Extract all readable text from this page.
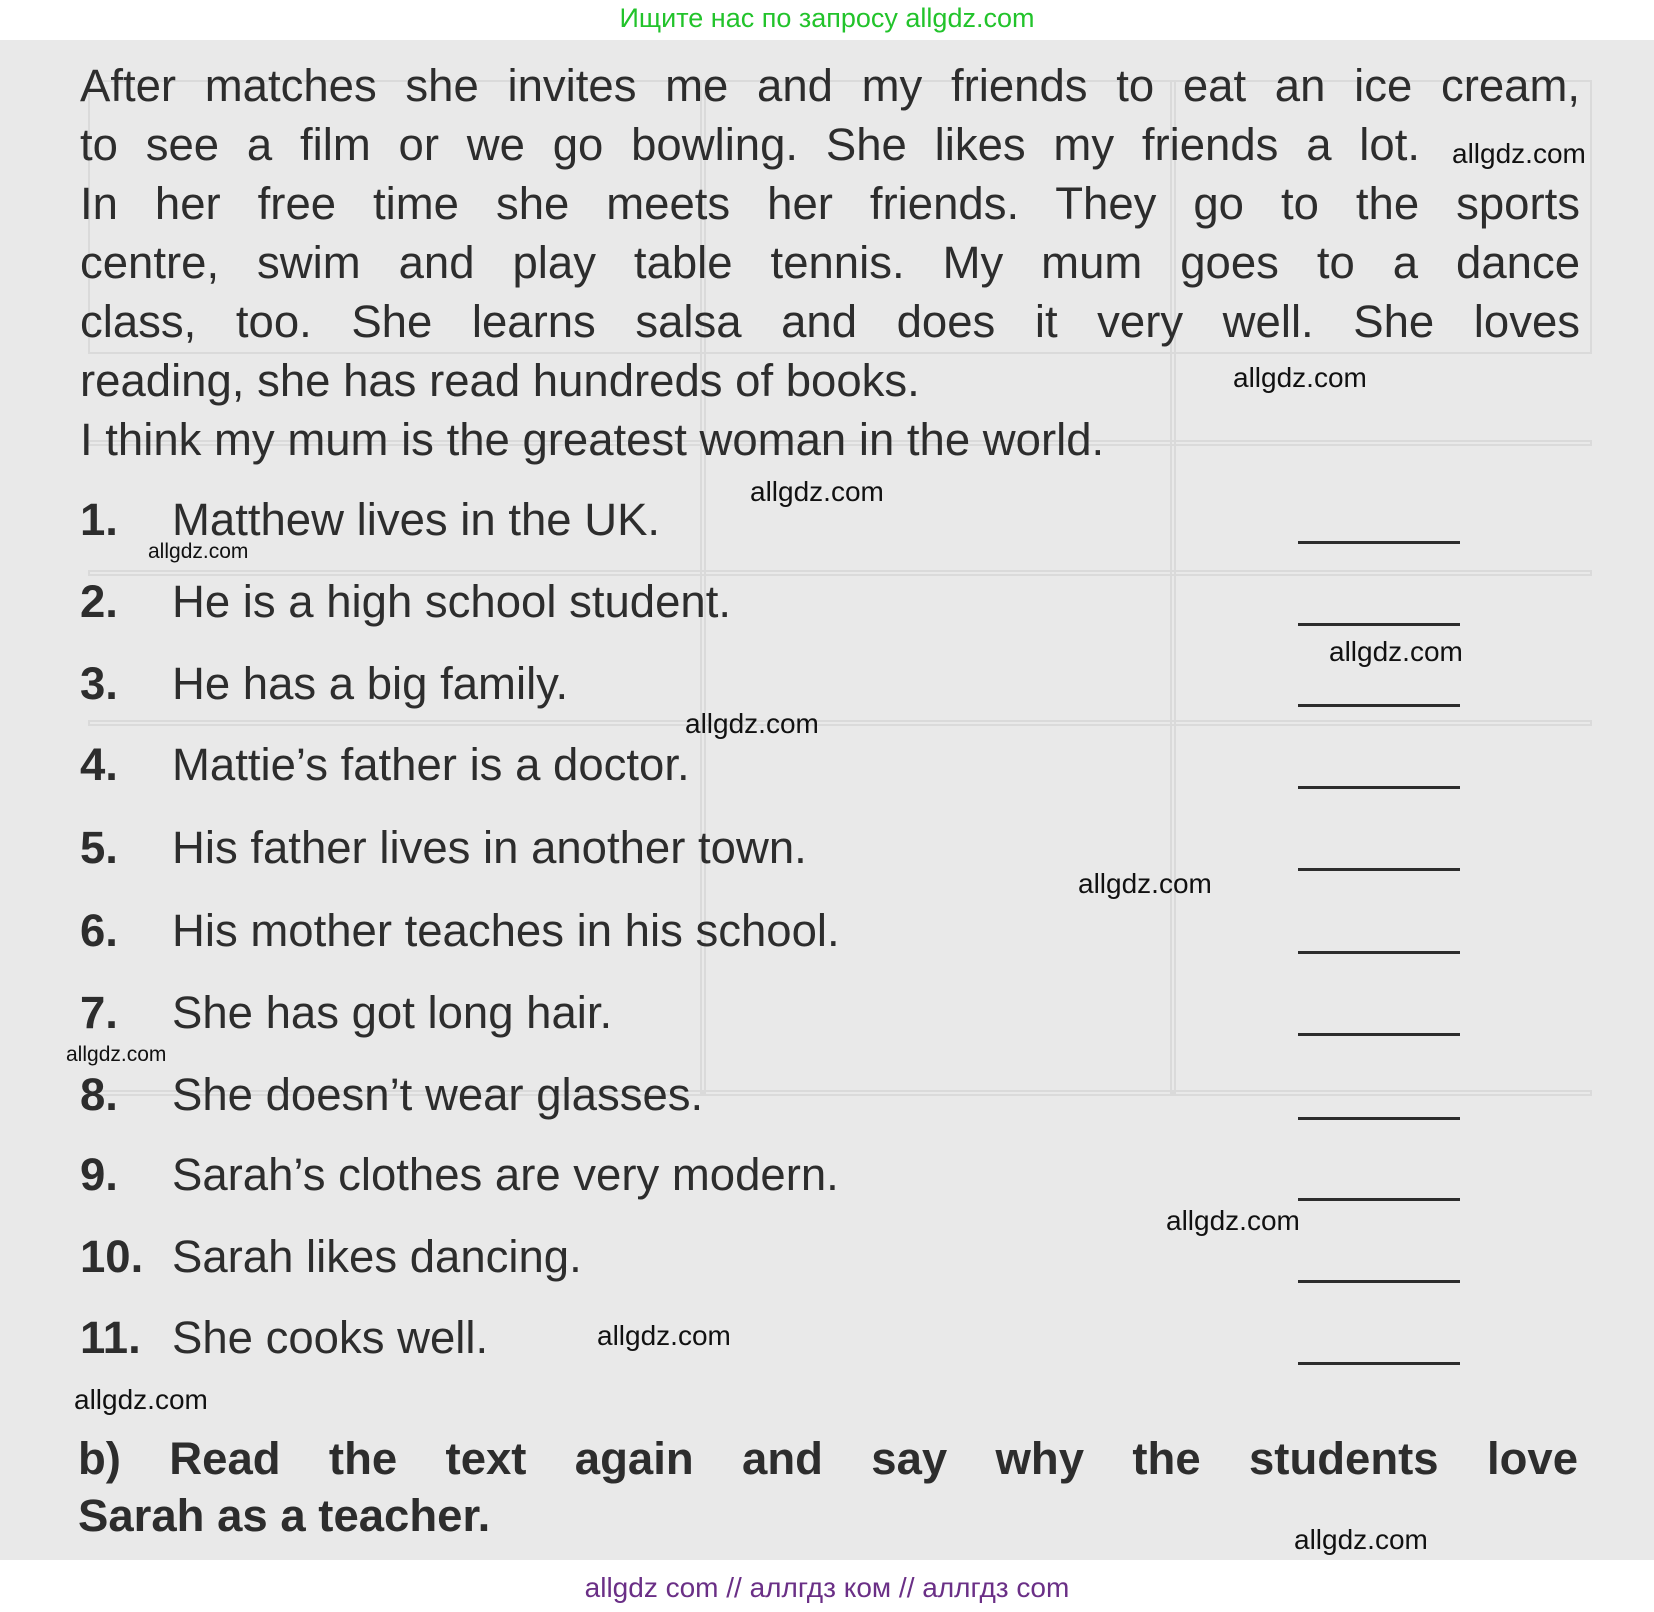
Ищите нас по запросу allgdz.com
After matches she invites me and my friends to eat an ice cream,
to see a film or we go bowling. She likes my friends a lot.
In her free time she meets her friends. They go to the sports
centre, swim and play table tennis. My mum goes to a dance
class, too. She learns salsa and does it very well. She loves
reading, she has read hundreds of books.
I think my mum is the greatest woman in the world.
1. Matthew lives in the UK.
2. He is a high school student.
3. He has a big family.
4. Mattie’s father is a doctor.
5. His father lives in another town.
6. His mother teaches in his school.
7. She has got long hair.
8. She doesn’t wear glasses.
9. Sarah’s clothes are very modern.
10. Sarah likes dancing.
11. She cooks well.
b) Read the text again and say why the students love
Sarah as a teacher.
allgdz.com
allgdz.com
allgdz.com
allgdz.com
allgdz.com
allgdz.com
allgdz.com
allgdz.com
allgdz.com
allgdz.com
allgdz.com
allgdz.com
allgdz com // аллгдз ком // аллгдз com
